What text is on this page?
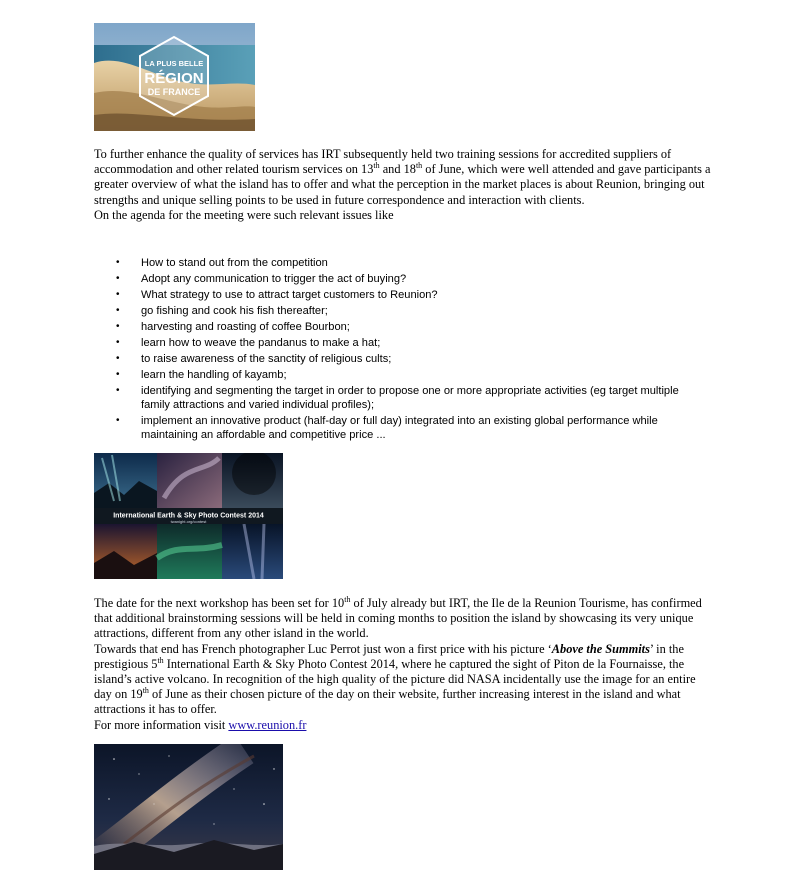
LA PLUS BELLE
RÉGION
DE FRANCE

To further enhance the quality of services has IRT subsequently held two training sessions for accredited suppliers of accommodation and other related tourism services on 13th and 18th of June, which were well attended and gave participants a greater overview of what the island has to offer and what the perception in the market places is about Reunion, bringing out strengths and unique selling points to be used in future correspondence and interaction with clients.
On the agenda for the meeting were such relevant issues like

• How to stand out from the competition
• Adopt any communication to trigger the act of buying?
• What strategy to use to attract target customers to Reunion?
• go fishing and cook his fish thereafter;
• harvesting and roasting of coffee Bourbon;
• learn how to weave the pandanus to make a hat;
• to raise awareness of the sanctity of religious cults;
• learn the handling of kayamb;
• identifying and segmenting the target in order to propose one or more appropriate activities (eg target multiple family attractions and varied individual profiles);
• implement an innovative product (half-day or full day) integrated into an existing global performance while maintaining an affordable and competitive price ...
International Earth & Sky Photo Contest 2014
twanight.org/contest

The date for the next workshop has been set for 10th of July already but IRT, the Ile de la Reunion Tourisme, has confirmed that additional brainstorming sessions will be held in coming months to position the island by showcasing its very unique attractions, different from any other island in the world.
Towards that end has French photographer Luc Perrot just won a first price with his picture ‘Above the Summits’ in the prestigious 5th International Earth & Sky Photo Contest 2014, where he captured the sight of Piton de la Fournaisse, the island’s active volcano. In recognition of the high quality of the picture did NASA incidentally use the image for an entire day on 19th of June as their chosen picture of the day on their website, further increasing interest in the island and what attractions it has to offer.
For more information visit www.reunion.fr
